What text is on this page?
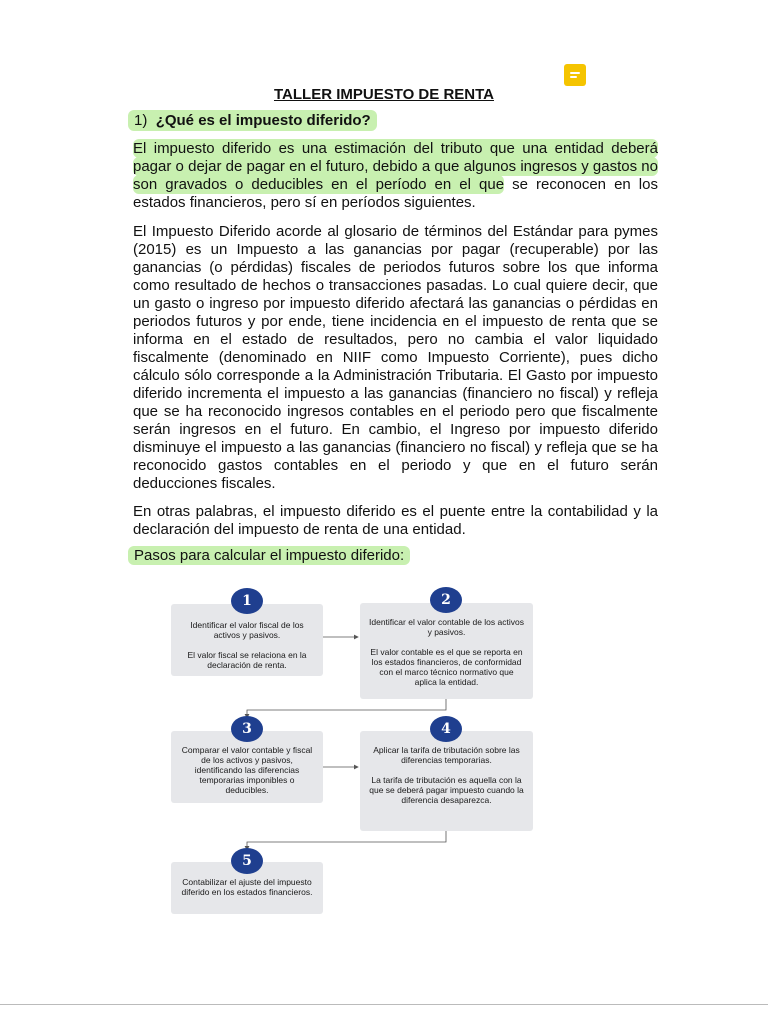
TALLER IMPUESTO DE RENTA
1) ¿Qué es el impuesto diferido?

El impuesto diferido es una estimación del tributo que una entidad deberá pagar o dejar de pagar en el futuro, debido a que algunos ingresos y gastos no son gravados o deducibles en el período en el que se reconocen en los estados financieros, pero sí en períodos siguientes.

El Impuesto Diferido acorde al glosario de términos del Estándar para pymes (2015) es un Impuesto a las ganancias por pagar (recuperable) por las ganancias (o pérdidas) fiscales de periodos futuros sobre los que informa como resultado de hechos o transacciones pasadas. Lo cual quiere decir, que un gasto o ingreso por impuesto diferido afectará las ganancias o pérdidas en periodos futuros y por ende, tiene incidencia en el impuesto de renta que se informa en el estado de resultados, pero no cambia el valor liquidado fiscalmente (denominado en NIIF como Impuesto Corriente), pues dicho cálculo sólo corresponde a la Administración Tributaria. El Gasto por impuesto diferido incrementa el impuesto a las ganancias (financiero no fiscal) y refleja que se ha reconocido ingresos contables en el periodo pero que fiscalmente serán ingresos en el futuro. En cambio, el Ingreso por impuesto diferido disminuye el impuesto a las ganancias (financiero no fiscal) y refleja que se ha reconocido gastos contables en el periodo y que en el futuro serán deducciones fiscales.

En otras palabras, el impuesto diferido es el puente entre la contabilidad y la declaración del impuesto de renta de una entidad.

Pasos para calcular el impuesto diferido:

Identificar el valor fiscal de los activos y pasivos.

El valor fiscal se relaciona en la declaración de renta.

1

Identificar el valor contable de los activos y pasivos.

El valor contable es el que se reporta en los estados financieros, de conformidad con el marco técnico normativo que aplica la entidad.

2

Comparar el valor contable y fiscal de los activos y pasivos, identificando las diferencias temporarias imponibles o deducibles.

3

Aplicar la tarifa de tributación sobre las diferencias temporarias.

La tarifa de tributación es aquella con la que se deberá pagar impuesto cuando la diferencia desaparezca.

4

Contabilizar el ajuste del impuesto diferido en los estados financieros.

5
